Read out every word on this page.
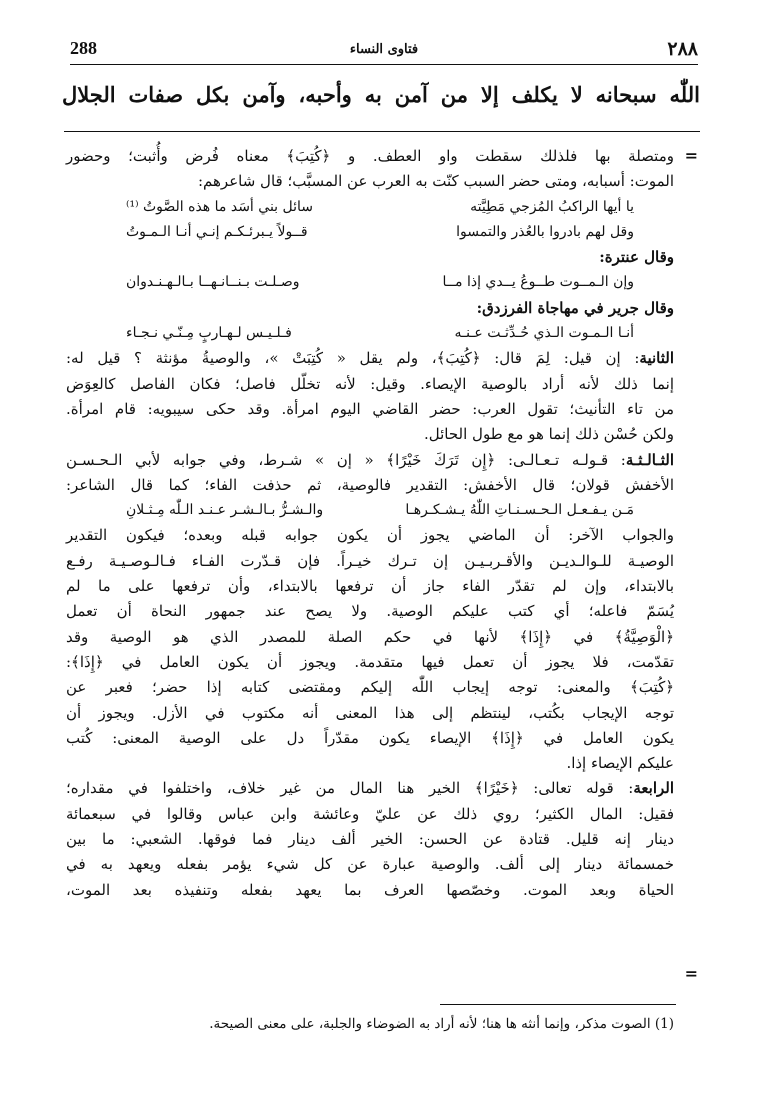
288	فتاوى النساء	٢٨٨
اللّٰه سبحانه لا يكلف إلا من آمن به وأحبه، وآمن بكل صفات الجلال
=
=

ومتصلة بها فلذلك سقطت واو العطف. و ﴿كُتِبَ﴾ معناه فُرض وأُثبت؛ وحضور

الموت: أسبابه، ومتى حضر السبب كنّت به العرب عن المسبَّب؛ قال شاعرهم:

يا أيها الراكبُ المُزجي مَطِيَّته
سائل بني أسَد ما هذه الصَّوتُ ⁽¹⁾
وقل لهم بادروا بالعُذر والتمسوا
قــولاً يـبرئـكـم إنـي أنـا الـمـوتُ

وقال عنترة:

وإن الـمــوت طــوعُ يــدي إذا مــا
وصـلـت بـنــانـهــا بـالـهـنـدوان

وقال جرير في مهاجاة الفرزدق:

أنـا الـمـوت الـذي حُـدِّثـت عـنـه
فـلـيـس لـهـاربٍ مِـنّـي نـجـاء

الثانية: إن قيل: لِمَ قال: ﴿كُتِبَ﴾، ولم يقل « كُتِبَتْ »، والوصيةُ مؤنثة ؟ قيل له:

إنما ذلك لأنه أراد بالوصية الإيصاء. وقيل: لأنه تخلّل فاصل؛ فكان الفاصل كالعِوَض

من تاء التأنيث؛ تقول العرب: حضر القاضي اليوم امرأة. وقد حكى سيبويه: قام امرأة.

ولكن حُسْن ذلك إنما هو مع طول الحائل.

الثـالـثـة: قـولـه تـعـالـى: ﴿إِن تَرَكَ خَيْرًا﴾ « إن » شـرط، وفي جوابه لأبي الـحـسـن

الأخفش قولان؛ قال الأخفش: التقدير فالوصية، ثم حذفت الفاء؛ كما قال الشاعر:

مَـن يـفـعـل الـحـسـنـاتِ اللّٰهُ يـشـكـرهـا
والـشـرُّ بـالـشـر عـنـد الـلّٰه مِـثـلانِ

والجواب الآخر: أن الماضي يجوز أن يكون جوابه قبله وبعده؛ فيكون التقدير

الوصيـة للـوالـديـن والأقـربـيـن إن تـرك خيـراً. فإن قـدّرت الفـاء فـالـوصـيـة رفـع

بالابتداء، وإن لم تقدّر الفاء جاز أن ترفعها بالابتداء، وأن ترفعها على ما لم

يُسَمّ فاعله؛ أي كتب عليكم الوصية. ولا يصح عند جمهور النحاة أن تعمل

﴿الْوَصِيَّةُ﴾ في ﴿إِذَا﴾ لأنها في حكم الصلة للمصدر الذي هو الوصية وقد

تقدّمت، فلا يجوز أن تعمل فيها متقدمة. ويجوز أن يكون العامل في ﴿إِذَا﴾:

﴿كُتِبَ﴾ والمعنى: توجه إيجاب اللّٰه إليكم ومقتضى كتابه إذا حضر؛ فعبر عن

توجه الإيجاب بكُتب، لينتظم إلى هذا المعنى أنه مكتوب في الأزل. ويجوز أن

يكون العامل في ﴿إِذَا﴾ الإيصاء يكون مقدّراً دل على الوصية المعنى: كُتب

عليكم الإيصاء إذا.

الرابعة: قوله تعالى: ﴿خَيْرًا﴾ الخير هنا المال من غير خلاف، واختلفوا في مقداره؛

فقيل: المال الكثير؛ روي ذلك عن عليّ وعائشة وابن عباس وقالوا في سبعمائة

دينار إنه قليل. قتادة عن الحسن: الخير ألف دينار فما فوقها. الشعبي: ما بين

خمسمائة دينار إلى ألف. والوصية عبارة عن كل شيء يؤمر بفعله ويعهد به في

الحياة وبعد الموت. وخصّصها العرف بما يعهد بفعله وتنفيذه بعد الموت،

(1) الصوت مذكر، وإنما أنثه ها هنا؛ لأنه أراد به الضوضاء والجلبة، على معنى الصيحة.
